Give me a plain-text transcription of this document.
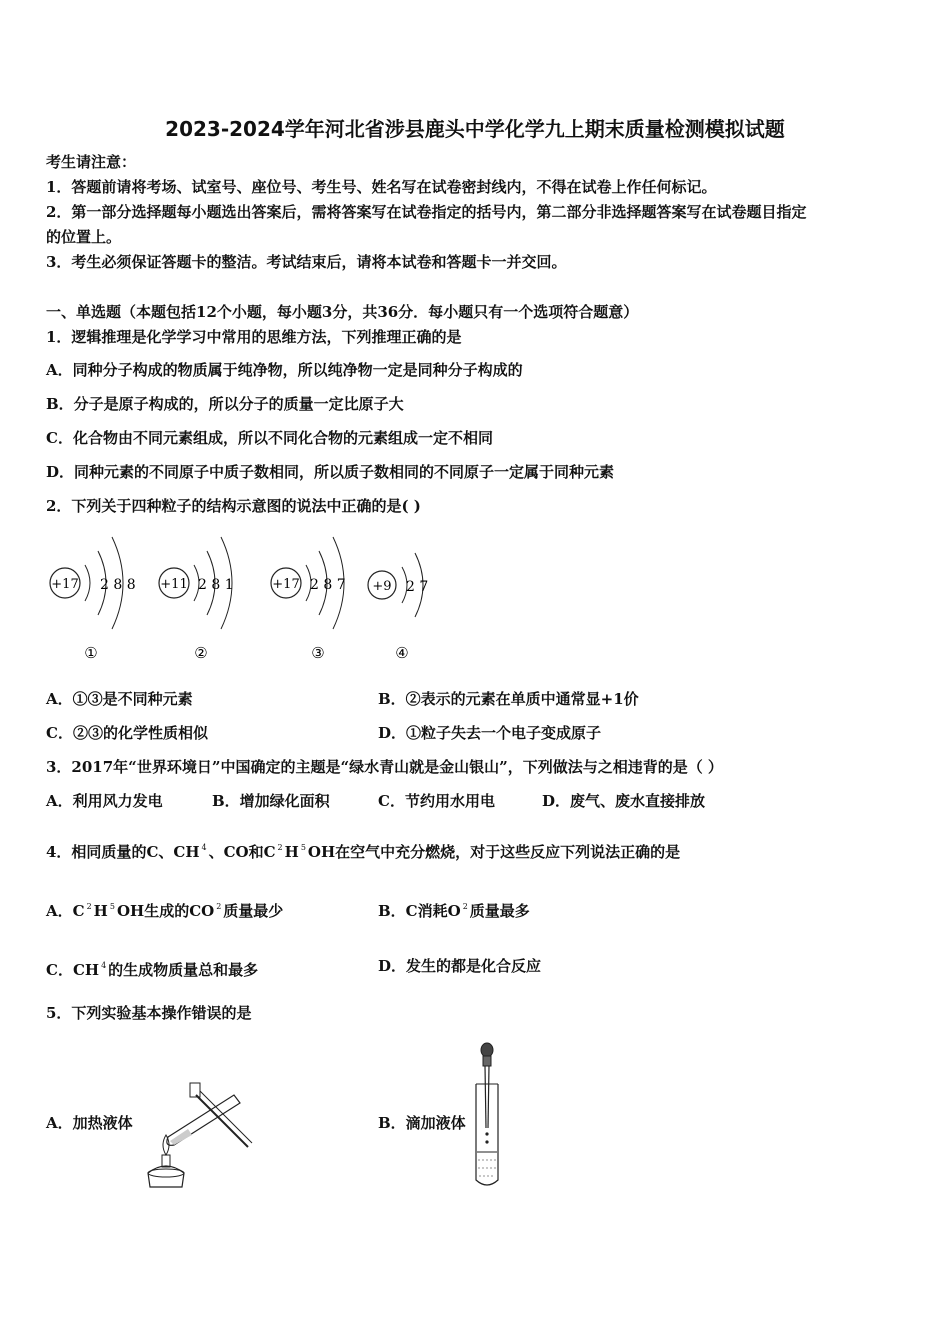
2023-2024学年河北省涉县鹿头中学化学九上期末质量检测模拟试题
考生请注意：
1．答题前请将考场、试室号、座位号、考生号、姓名写在试卷密封线内，不得在试卷上作任何标记。
2．第一部分选择题每小题选出答案后，需将答案写在试卷指定的括号内，第二部分非选择题答案写在试卷题目指定
的位置上。
3．考生必须保证答题卡的整洁。考试结束后，请将本试卷和答题卡一并交回。
一、单选题（本题包括12个小题，每小题3分，共36分．每小题只有一个选项符合题意）
1．逻辑推理是化学学习中常用的思维方法，下列推理正确的是
A．同种分子构成的物质属于纯净物，所以纯净物一定是同种分子构成的
B．分子是原子构成的，所以分子的质量一定比原子大
C．化合物由不同元素组成，所以不同化合物的元素组成一定不相同
D．同种元素的不同原子中质子数相同，所以质子数相同的不同原子一定属于同种元素
2．下列关于四种粒子的结构示意图的说法中正确的是( )
+17 2 8 8
①
+11 2 8 1
②
+17 2 8 7
③
+9 2 7
④
A．①③是不同种元素	B．②表示的元素在单质中通常显+1价
C．②③的化学性质相似	D．①粒子失去一个电子变成原子
3．2017年“世界环境日”中国确定的主题是“绿水青山就是金山银山”，下列做法与之相违背的是（ ）
A．利用风力发电	B．增加绿化面积	C．节约用水用电	D．废气、废水直接排放
4．相同质量的C、CH $^4$ 、CO和C $^2$ H $^5$ OH在空气中充分燃烧，对于这些反应下列说法正确的是
A．C $^2$ H $^5$ OH生成的CO $^2$ 质量最少	B．C消耗O $^2$ 质量最多
C．CH $^4$ 的生成物质量总和最多	D．发生的都是化合反应
5．下列实验基本操作错误的是
A．加热液体	B．滴加液体
